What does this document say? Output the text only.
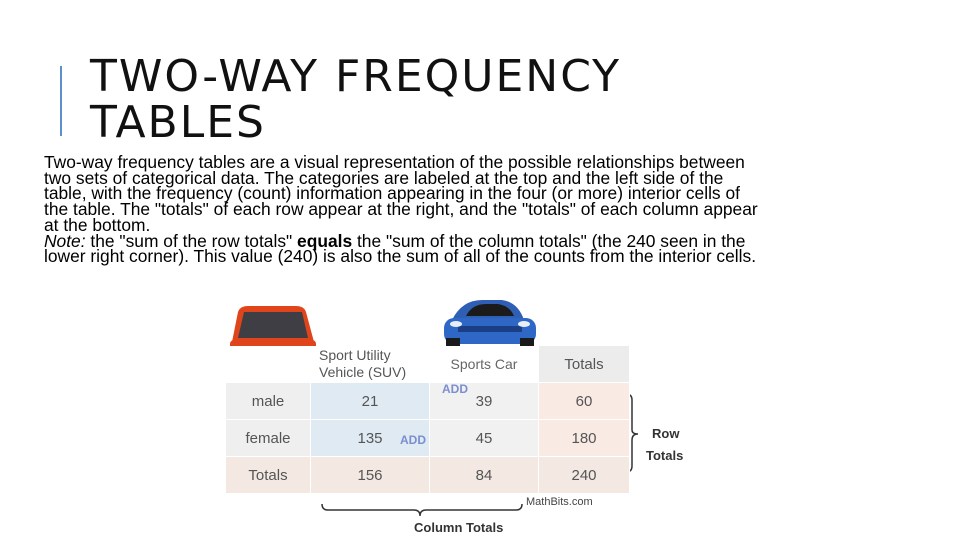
TWO-WAY FREQUENCY
TABLES

Two-way frequency tables are a visual representation of the possible relationships between two sets of categorical data. The categories are labeled at the top and the left side of the table, with the frequency (count) information appearing in the four (or more) interior cells of the table. The "totals" of each row appear at the right, and the "totals" of each column appear at the bottom.
Note: the "sum of the row totals" equals the "sum of the column totals" (the 240 seen in the lower right corner). This value (240) is also the sum of all of the counts from the interior cells.

	Sport Utility
Vehicle (SUV)	Sports Car	Totals
male	21	39	60
female	135	45	180
Totals	156	84	240
ADD
ADD	Row
Totals
Column Totals
MathBits.com
